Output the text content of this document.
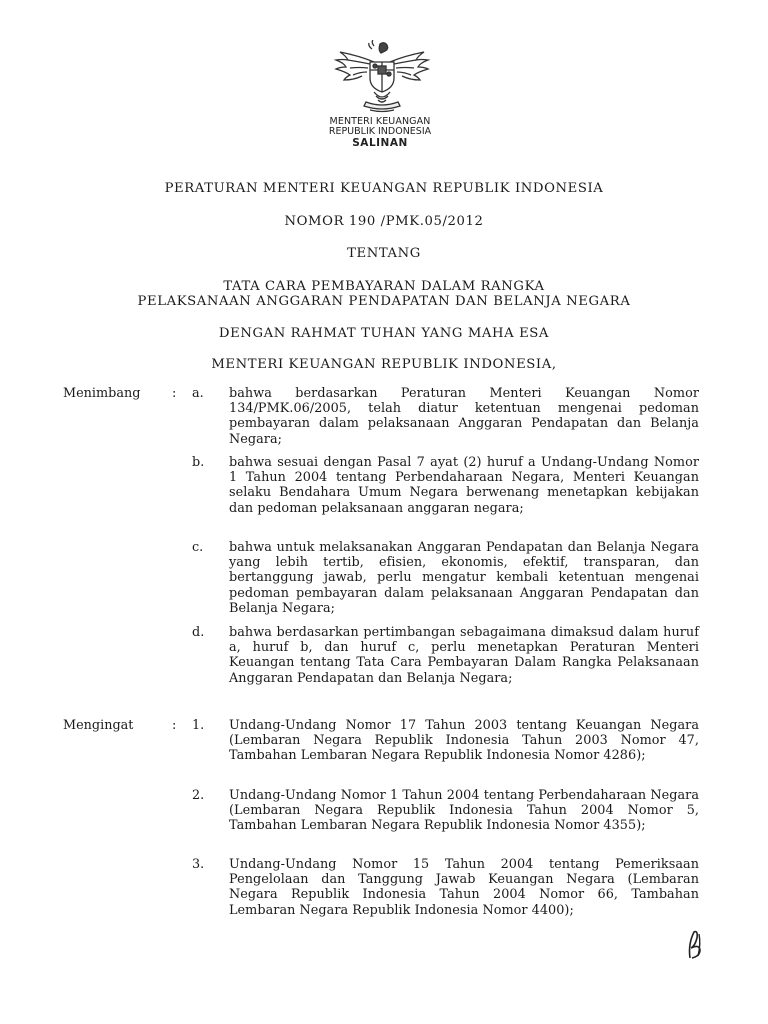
MENTERI KEUANGAN
REPUBLIK INDONESIA
SALINAN
PERATURAN MENTERI KEUANGAN REPUBLIK INDONESIA
NOMOR 190 /PMK.05/2012
TENTANG
TATA CARA PEMBAYARAN DALAM RANGKA
PELAKSANAAN ANGGARAN PENDAPATAN DAN BELANJA NEGARA
DENGAN RAHMAT TUHAN YANG MAHA ESA
MENTERI KEUANGAN REPUBLIK INDONESIA,
Menimbang : a. bahwa berdasarkan Peraturan Menteri Keuangan Nomor 134/PMK.06/2005, telah diatur ketentuan mengenai pedoman pembayaran dalam pelaksanaan Anggaran Pendapatan dan Belanja Negara;
b. bahwa sesuai dengan Pasal 7 ayat (2) huruf a Undang-Undang Nomor 1 Tahun 2004 tentang Perbendaharaan Negara, Menteri Keuangan selaku Bendahara Umum Negara berwenang menetapkan kebijakan dan pedoman pelaksanaan anggaran negara;
c. bahwa untuk melaksanakan Anggaran Pendapatan dan Belanja Negara yang lebih tertib, efisien, ekonomis, efektif, transparan, dan bertanggung jawab, perlu mengatur kembali ketentuan mengenai pedoman pembayaran dalam pelaksanaan Anggaran Pendapatan dan Belanja Negara;
d. bahwa berdasarkan pertimbangan sebagaimana dimaksud dalam huruf a, huruf b, dan huruf c, perlu menetapkan Peraturan Menteri Keuangan tentang Tata Cara Pembayaran Dalam Rangka Pelaksanaan Anggaran Pendapatan dan Belanja Negara;
Mengingat	: 1. Undang-Undang Nomor 17 Tahun 2003 tentang Keuangan Negara (Lembaran Negara Republik Indonesia Tahun 2003 Nomor 47, Tambahan Lembaran Negara Republik Indonesia Nomor 4286);
2. Undang-Undang Nomor 1 Tahun 2004 tentang Perbendaharaan Negara (Lembaran Negara Republik Indonesia Tahun 2004 Nomor 5, Tambahan Lembaran Negara Republik Indonesia Nomor 4355);
3. Undang-Undang Nomor 15 Tahun 2004 tentang Pemeriksaan Pengelolaan dan Tanggung Jawab Keuangan Negara (Lembaran Negara Republik Indonesia Tahun 2004 Nomor 66, Tambahan Lembaran Negara Republik Indonesia Nomor 4400);
